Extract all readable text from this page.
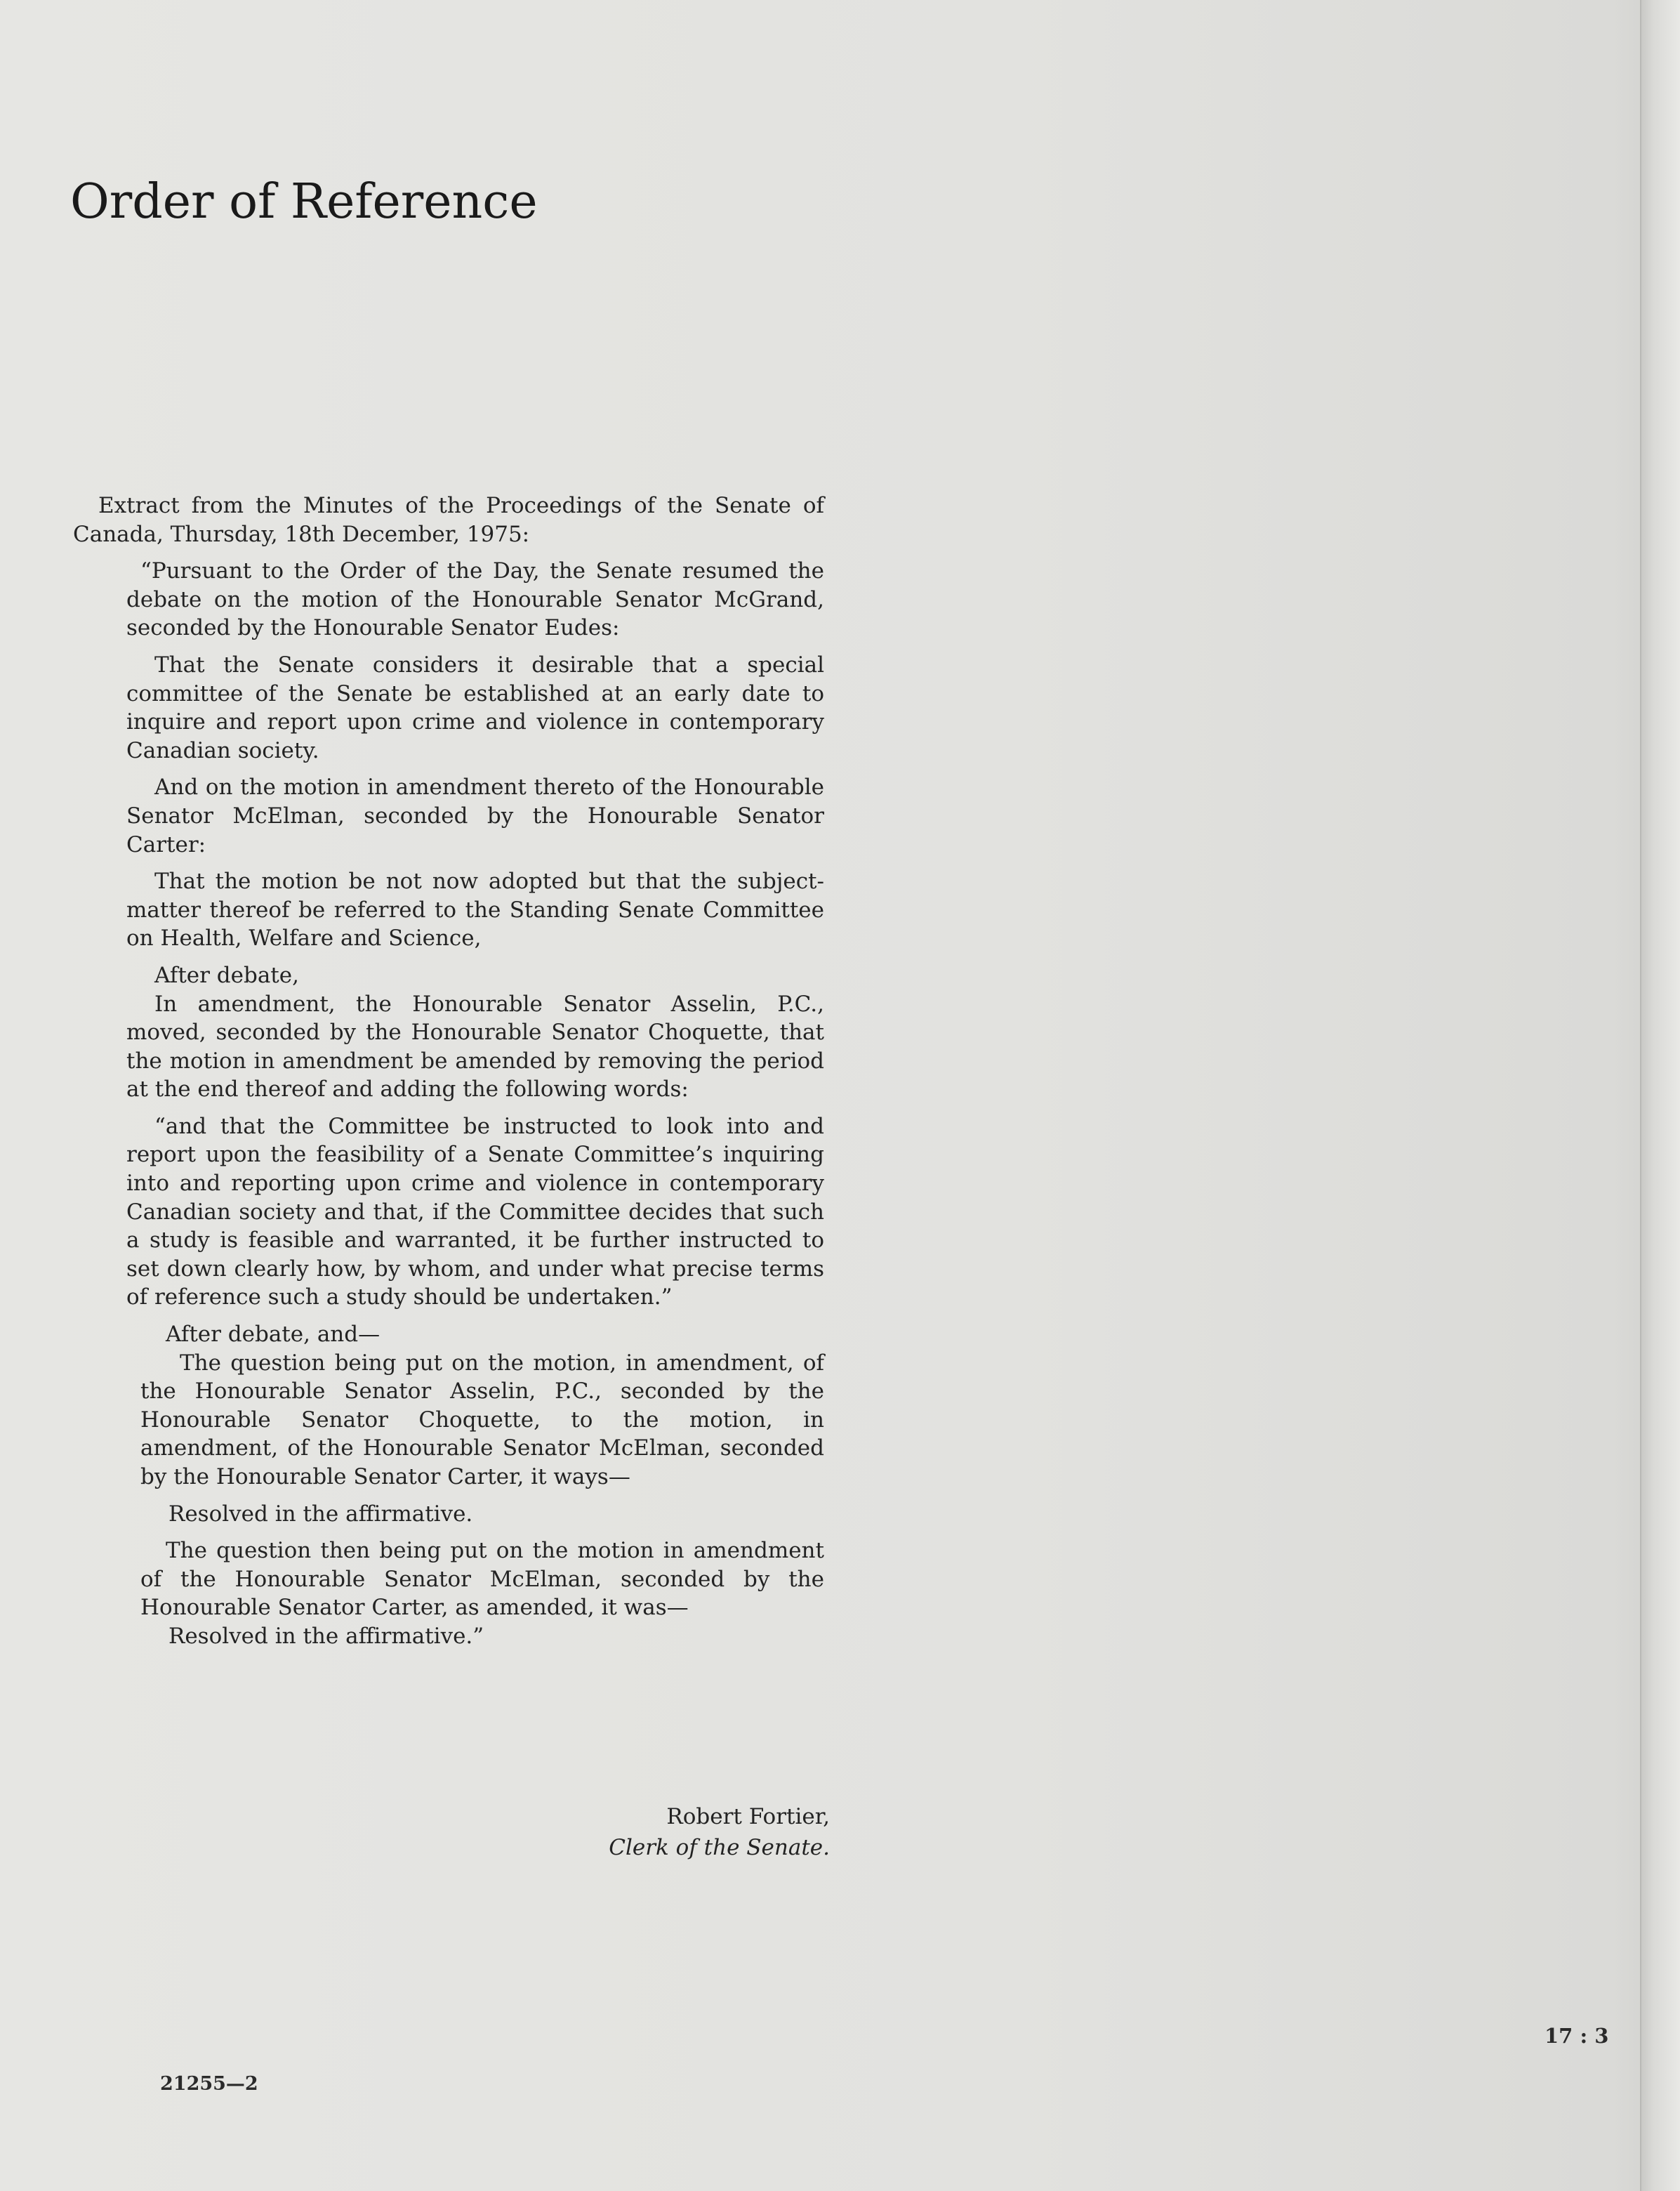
Order of Reference

Extract from the Minutes of the Proceedings of the Senate of Canada, Thursday, 18th December, 1975:

“Pursuant to the Order of the Day, the Senate resumed the debate on the motion of the Honourable Senator McGrand, seconded by the Honourable Senator Eudes:

That the Senate considers it desirable that a special committee of the Senate be established at an early date to inquire and report upon crime and violence in contemporary Canadian society.

And on the motion in amendment thereto of the Honourable Senator McElman, seconded by the Honourable Senator Carter:

That the motion be not now adopted but that the subject-matter thereof be referred to the Standing Senate Committee on Health, Welfare and Science,

After debate,

In amendment, the Honourable Senator Asselin, P.C., moved, seconded by the Honourable Senator Choquette, that the motion in amendment be amended by removing the period at the end thereof and adding the following words:

“and that the Committee be instructed to look into and report upon the feasibility of a Senate Committee’s inquiring into and reporting upon crime and violence in contemporary Canadian society and that, if the Committee decides that such a study is feasible and warranted, it be further instructed to set down clearly how, by whom, and under what precise terms of reference such a study should be undertaken.”

After debate, and—

The question being put on the motion, in amendment, of the Honourable Senator Asselin, P.C., seconded by the Honourable Senator Choquette, to the motion, in amendment, of the Honourable Senator McElman, seconded by the Honourable Senator Carter, it ways—

Resolved in the affirmative.

The question then being put on the motion in amendment of the Honourable Senator McElman, seconded by the Honourable Senator Carter, as amended, it was—

Resolved in the affirmative.”

Robert Fortier,
Clerk of the Senate.
17 : 3
21255—2
